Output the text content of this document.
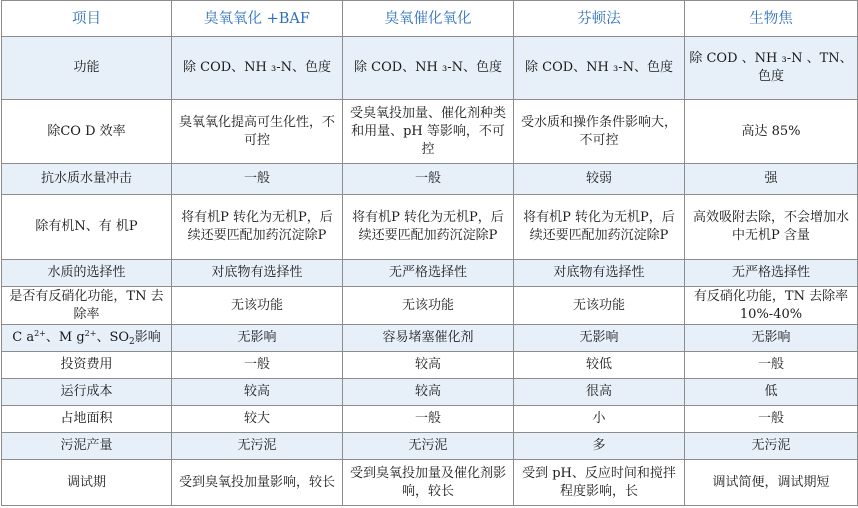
项目	臭氧氧化 +BAF	臭氧催化氧化	芬顿法	生物焦
功能	除 COD、NH ₃-N、色度	除 COD、NH ₃-N、色度	除 COD、NH ₃-N、色度	除 COD 、NH ₃-N 、TN、色度
除CO D 效率	臭氧氧化提高可生化性，不可控	受臭氧投加量、催化剂种类和用量、pH 等影响，不可控	受水质和操作条件影响大，不可控	高达 85%
抗水质水量冲击	一般	一般	较弱	强
除有机N、有 机P	将有机P 转化为无机P，后续还要匹配加药沉淀除P	将有机P 转化为无机P，后续还要匹配加药沉淀除P	将有机P 转化为无机P，后续还要匹配加药沉淀除P	高效吸附去除，不会增加水中无机P 含量
水质的选择性	对底物有选择性	无严格选择性	对底物有选择性	无严格选择性
是否有反硝化功能，TN 去除率	无该功能	无该功能	无该功能	有反硝化功能，TN 去除率 10%-40%
C $a^{2+}$、M $g^{2+}$、$SO_2$影响	无影响	容易堵塞催化剂	无影响	无影响
投资费用	一般	较高	较低	一般
运行成本	较高	较高	很高	低
占地面积	较大	一般	小	一般
污泥产量	无污泥	无污泥	多	无污泥
调试期	受到臭氧投加量影响，较长	受到臭氧投加量及催化剂影响，较长	受到 pH、反应时间和搅拌程度影响，长	调试简便，调试期短
